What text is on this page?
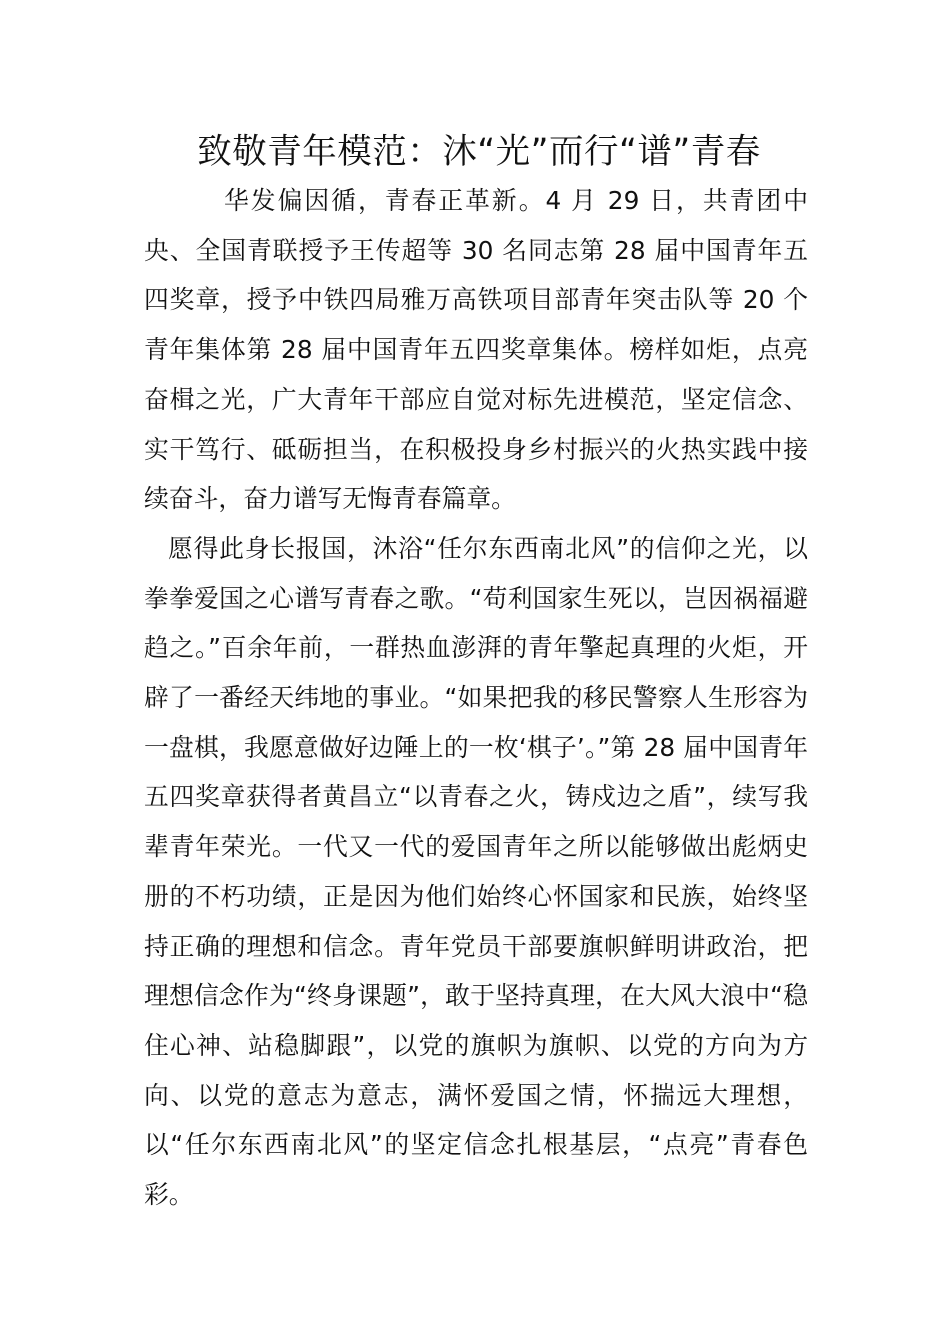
致敬青年模范：沐“光”而行“谱”青春

华发偏因循，青春正革新。4 月 29 日，共青团中央、全国青联授予王传超等 30 名同志第 28 届中国青年五四奖章，授予中铁四局雅万高铁项目部青年突击队等 20 个青年集体第 28 届中国青年五四奖章集体。榜样如炬，点亮奋楫之光，广大青年干部应自觉对标先进模范，坚定信念、实干笃行、砥砺担当，在积极投身乡村振兴的火热实践中接续奋斗，奋力谱写无悔青春篇章。

愿得此身长报国，沐浴“任尔东西南北风”的信仰之光，以拳拳爱国之心谱写青春之歌。“苟利国家生死以，岂因祸福避趋之。”百余年前，一群热血澎湃的青年擎起真理的火炬，开辟了一番经天纬地的事业。“如果把我的移民警察人生形容为一盘棋，我愿意做好边陲上的一枚‘棋子’。”第 28 届中国青年五四奖章获得者黄昌立“以青春之火，铸戍边之盾”，续写我辈青年荣光。一代又一代的爱国青年之所以能够做出彪炳史册的不朽功绩，正是因为他们始终心怀国家和民族，始终坚持正确的理想和信念。青年党员干部要旗帜鲜明讲政治，把理想信念作为“终身课题”，敢于坚持真理，在大风大浪中“稳住心神、站稳脚跟”，以党的旗帜为旗帜、以党的方向为方向、以党的意志为意志，满怀爱国之情，怀揣远大理想，以“任尔东西南北风”的坚定信念扎根基层，“点亮”青春色彩。
